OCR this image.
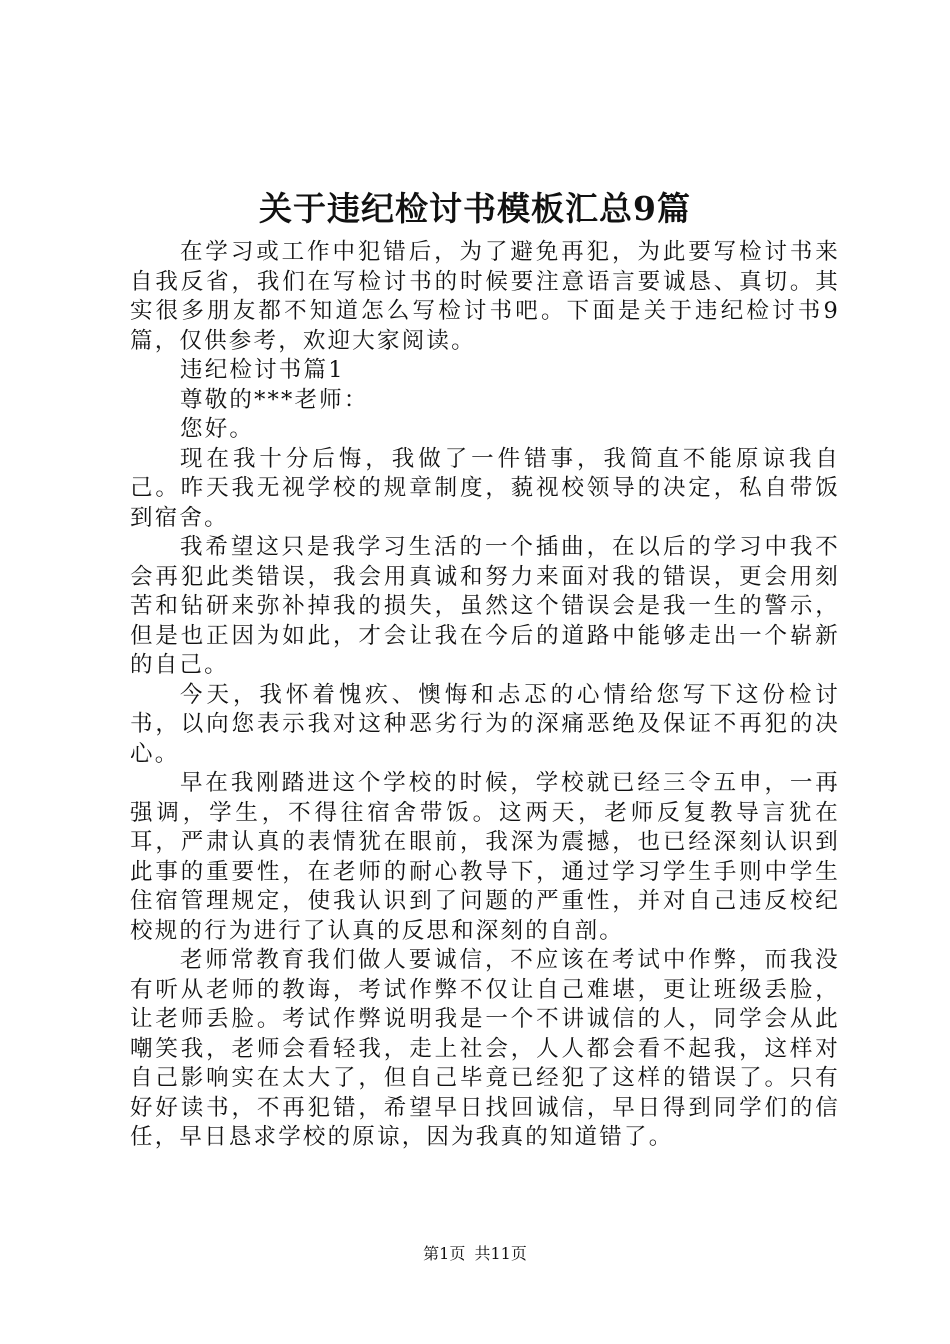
关于违纪检讨书模板汇总9篇

在学习或工作中犯错后，为了避免再犯，为此要写检讨书来自我反省，我们在写检讨书的时候要注意语言要诚恳、真切。其实很多朋友都不知道怎么写检讨书吧。下面是关于违纪检讨书9篇，仅供参考，欢迎大家阅读。

违纪检讨书篇1

尊敬的***老师：

您好。

现在我十分后悔，我做了一件错事，我简直不能原谅我自己。昨天我无视学校的规章制度，藐视校领导的决定，私自带饭到宿舍。

我希望这只是我学习生活的一个插曲，在以后的学习中我不会再犯此类错误，我会用真诚和努力来面对我的错误，更会用刻苦和钻研来弥补掉我的损失，虽然这个错误会是我一生的警示，但是也正因为如此，才会让我在今后的道路中能够走出一个崭新的自己。

今天，我怀着愧疚、懊悔和忐忑的心情给您写下这份检讨书，以向您表示我对这种恶劣行为的深痛恶绝及保证不再犯的决心。

早在我刚踏进这个学校的时候，学校就已经三令五申，一再强调，学生，不得往宿舍带饭。这两天，老师反复教导言犹在耳，严肃认真的表情犹在眼前，我深为震撼，也已经深刻认识到此事的重要性，在老师的耐心教导下，通过学习学生手则中学生住宿管理规定，使我认识到了问题的严重性，并对自己违反校纪校规的行为进行了认真的反思和深刻的自剖。

老师常教育我们做人要诚信，不应该在考试中作弊，而我没有听从老师的教诲，考试作弊不仅让自己难堪，更让班级丢脸，让老师丢脸。考试作弊说明我是一个不讲诚信的人，同学会从此嘲笑我，老师会看轻我，走上社会，人人都会看不起我，这样对自己影响实在太大了，但自己毕竟已经犯了这样的错误了。只有好好读书，不再犯错，希望早日找回诚信，早日得到同学们的信任，早日恳求学校的原谅，因为我真的知道错了。

第1页 共11页
